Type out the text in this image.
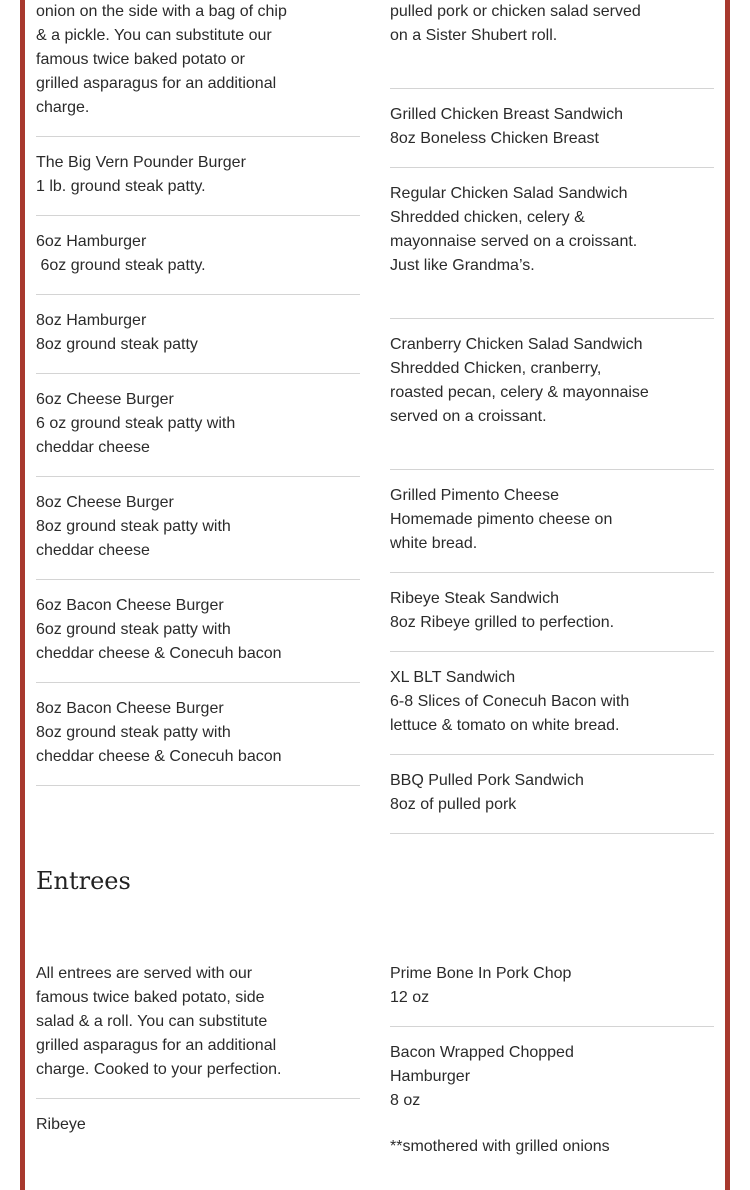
onion on the side with a bag of chip

& a pickle. You can substitute our

famous twice baked potato or

grilled asparagus for an additional

charge.

The Big Vern Pounder Burger

1 lb. ground steak patty.

6oz Hamburger

6oz ground steak patty.

8oz Hamburger

8oz ground steak patty

6oz Cheese Burger

6 oz ground steak patty with

cheddar cheese

8oz Cheese Burger

8oz ground steak patty with

cheddar cheese

6oz Bacon Cheese Burger

6oz ground steak patty with

cheddar cheese & Conecuh bacon

8oz Bacon Cheese Burger

8oz ground steak patty with

cheddar cheese & Conecuh bacon

pulled pork or chicken salad served

on a Sister Shubert roll.

Grilled Chicken Breast Sandwich

8oz Boneless Chicken Breast

Regular Chicken Salad Sandwich

Shredded chicken, celery &

mayonnaise served on a croissant.

Just like Grandma’s.

Cranberry Chicken Salad Sandwich

Shredded Chicken, cranberry,

roasted pecan, celery & mayonnaise

served on a croissant.

Grilled Pimento Cheese

Homemade pimento cheese on

white bread.

Ribeye Steak Sandwich

8oz Ribeye grilled to perfection.

XL BLT Sandwich

6-8 Slices of Conecuh Bacon with

lettuce & tomato on white bread.

BBQ Pulled Pork Sandwich

8oz of pulled pork

Entrees

All entrees are served with our

famous twice baked potato, side

salad & a roll. You can substitute

grilled asparagus for an additional

charge. Cooked to your perfection.

Ribeye

Prime Bone In Pork Chop

12 oz

Bacon Wrapped Chopped

Hamburger

8 oz

**smothered with grilled onions
